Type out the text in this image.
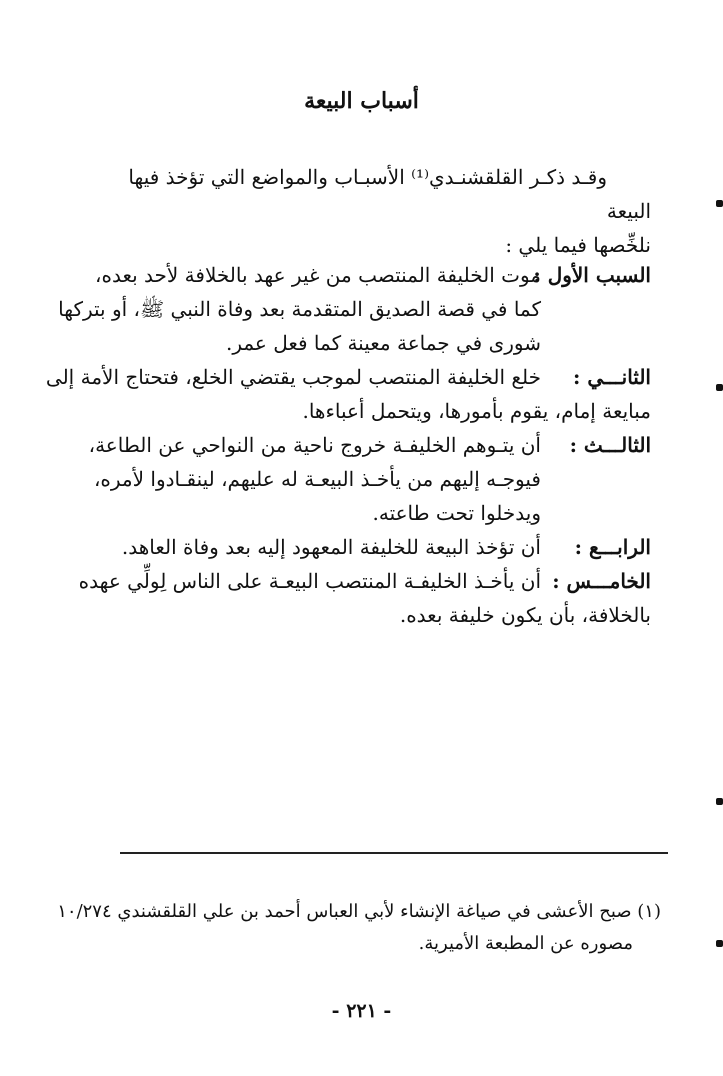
أسباب البيعة

وقـد ذكـر القلقشنـدي⁽¹⁾ الأسبـاب والمواضع التي تؤخذ فيها البيعة

نلخِّصها فيما يلي :

السبب الأول :
موت الخليفة المنتصب من غير عهد بالخلافة لأحد بعده،
كما في قصة الصديق المتقدمة بعد وفاة النبي ﷺ، أو بتركها
شورى في جماعة معينة كما فعل عمر.
الثانـــي :
خلع الخليفة المنتصب لموجب يقتضي الخلع، فتحتاج الأمة إلى
مبايعة إمام، يقوم بأمورها، ويتحمل أعباءها.
الثالـــث :
أن يتـوهم الخليفـة خروج ناحية من النواحي عن الطاعة،
فيوجـه إليهم من يأخـذ البيعـة له عليهم، لينقـادوا لأمره،
ويدخلوا تحت طاعته.
الرابـــع :
أن تؤخذ البيعة للخليفة المعهود إليه بعد وفاة العاهد.
الخامـــس :
أن يأخـذ الخليفـة المنتصب البيعـة على الناس لِولِّي عهده
بالخلافة، بأن يكون خليفة بعده.

(١) صبح الأعشى في صياغة الإنشاء لأبي العباس أحمد بن علي القلقشندي ١٠/٢٧٤

مصوره عن المطبعة الأميرية.

- ٢٢١ -
